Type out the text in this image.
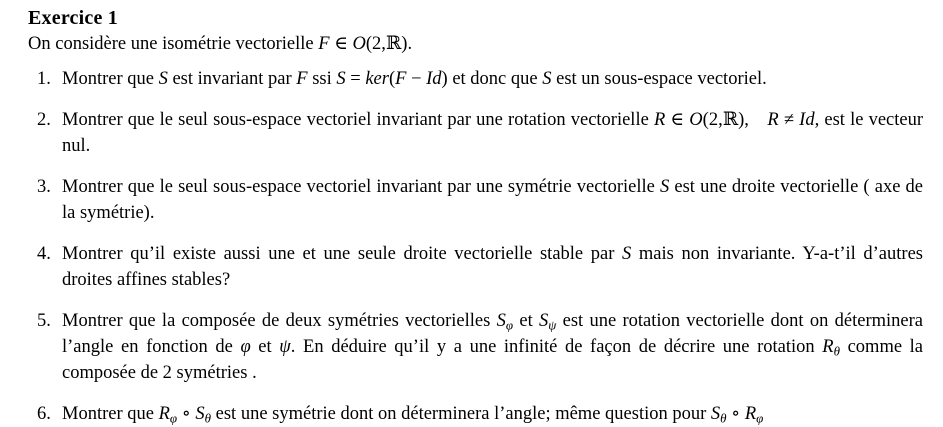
Exercice 1
On considère une isométrie vectorielle F ∈ O(2,ℝ).
1. Montrer que S est invariant par F ssi S = ker(F − Id) et donc que S est un sous-espace vectoriel.
2. Montrer que le seul sous-espace vectoriel invariant par une rotation vectorielle R ∈ O(2,ℝ),  R ≠ Id, est le vecteur nul.
3. Montrer que le seul sous-espace vectoriel invariant par une symétrie vectorielle S est une droite vectorielle ( axe de la symétrie).
4. Montrer qu’il existe aussi une et une seule droite vectorielle stable par S mais non invariante. Y-a-t’il d’autres droites affines stables?
5. Montrer que la composée de deux symétries vectorielles $S_\varphi$ et $S_\psi$ est une rotation vectorielle dont on déterminera l’angle en fonction de φ et ψ. En déduire qu’il y a une infinité de façon de décrire une rotation $R_\theta$ comme la composée de 2 symétries .
6. Montrer que $R_\varphi$ ∘ $S_\theta$ est une symétrie dont on déterminera l’angle; même question pour $S_\theta$ ∘ $R_\varphi$
